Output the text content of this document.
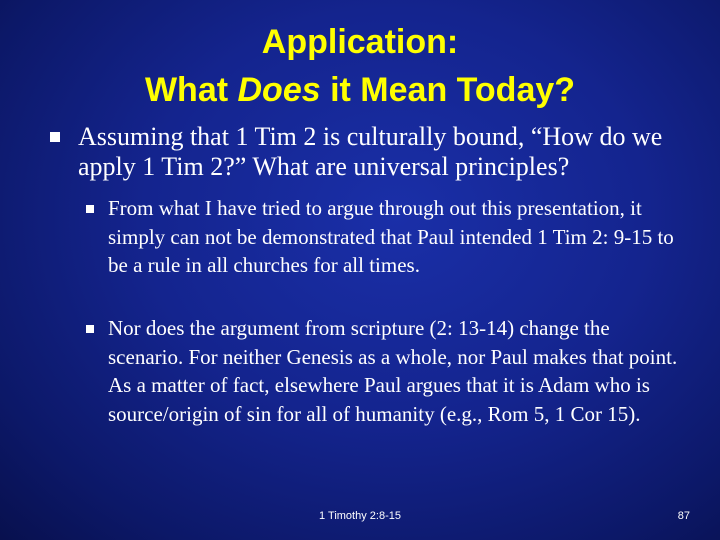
Application:
What Does it Mean Today?
Assuming that 1 Tim 2 is culturally bound, “How do we apply 1 Tim 2?” What are universal principles?
From what I have tried to argue through out this presentation, it simply can not be demonstrated that Paul intended 1 Tim 2: 9-15 to be a rule in all churches for all times.
Nor does the argument from scripture (2: 13-14) change the scenario. For neither Genesis as a whole, nor Paul makes that point. As a matter of fact, elsewhere Paul argues that it is Adam who is source/origin of sin for all of humanity (e.g., Rom 5, 1 Cor 15).
1 Timothy 2:8-15	87
